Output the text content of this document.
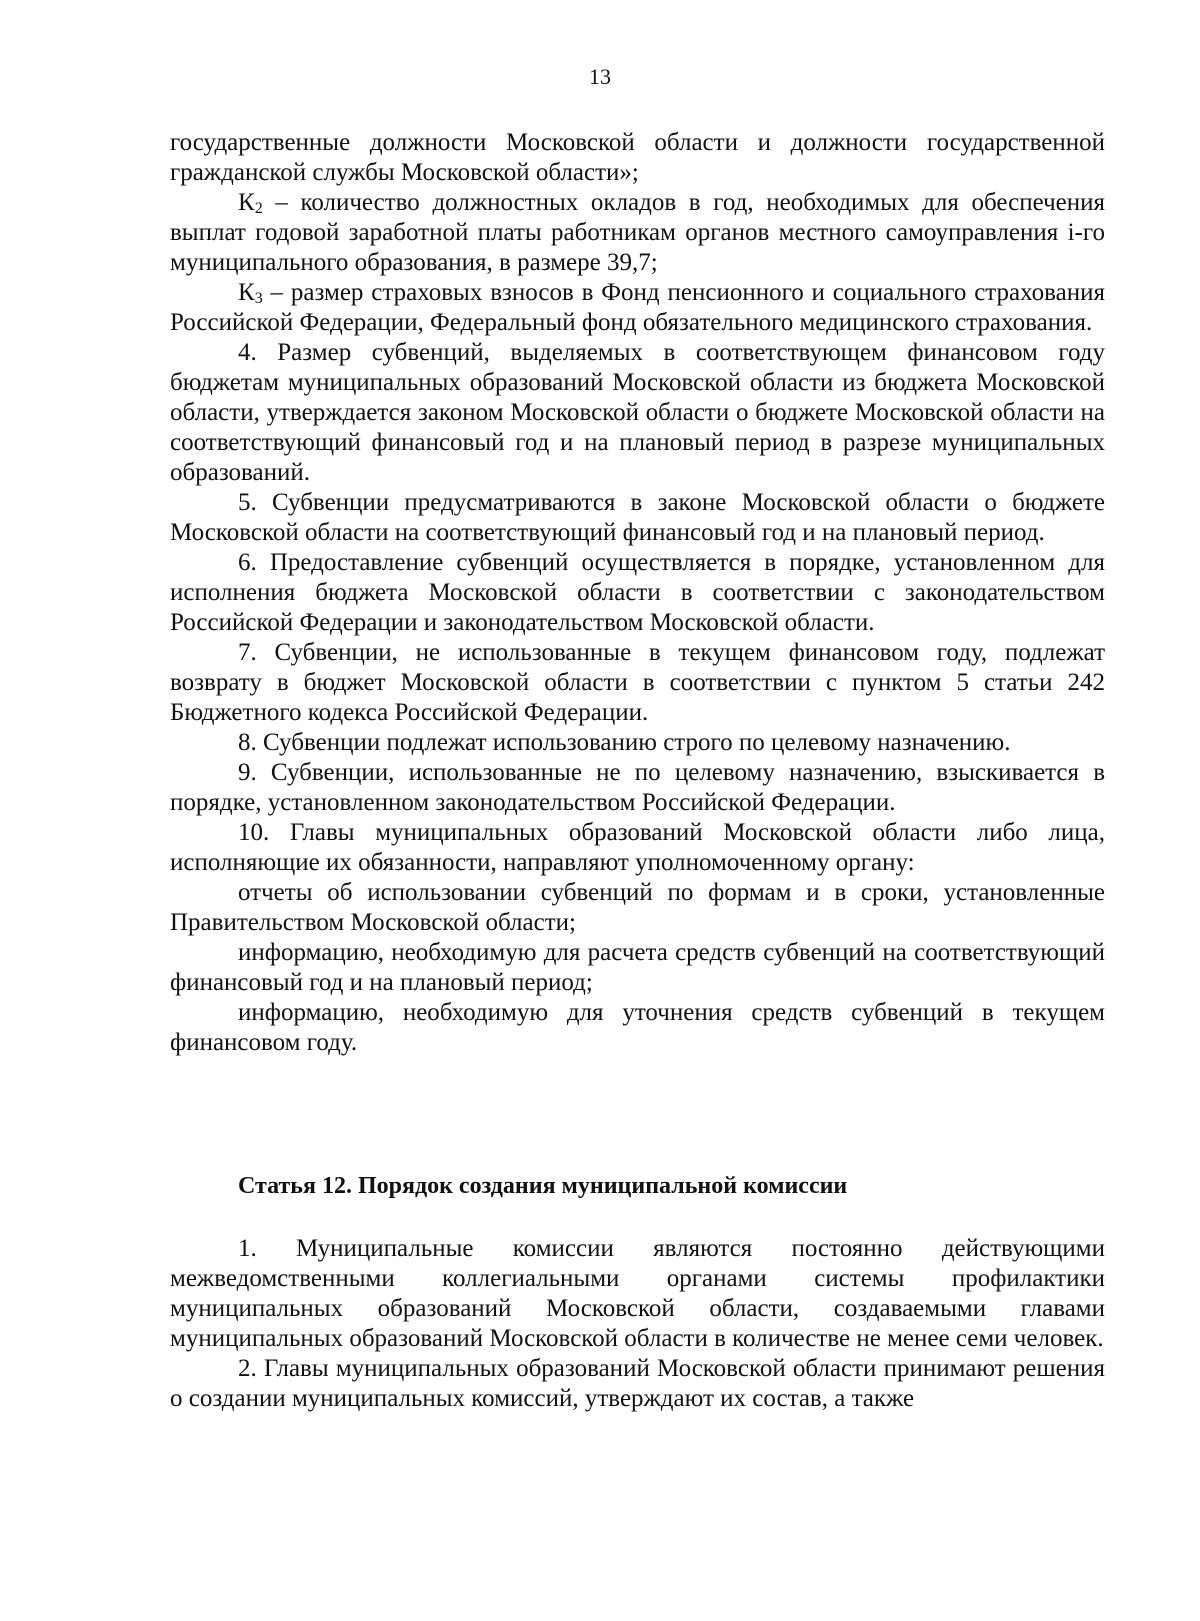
13

государственные должности Московской области и должности государственной гражданской службы Московской области»;

$К_2$ – количество должностных окладов в год, необходимых для обеспечения выплат годовой заработной платы работникам органов местного самоуправления i-го муниципального образования, в размере 39,7;

$К_3$ – размер страховых взносов в Фонд пенсионного и социального страхования Российской Федерации, Федеральный фонд обязательного медицинского страхования.

4. Размер субвенций, выделяемых в соответствующем финансовом году бюджетам муниципальных образований Московской области из бюджета Московской области, утверждается законом Московской области о бюджете Московской области на соответствующий финансовый год и на плановый период в разрезе муниципальных образований.

5. Субвенции предусматриваются в законе Московской области о бюджете Московской области на соответствующий финансовый год и на плановый период.

6. Предоставление субвенций осуществляется в порядке, установленном для исполнения бюджета Московской области в соответствии с законодательством Российской Федерации и законодательством Московской области.

7. Субвенции, не использованные в текущем финансовом году, подлежат возврату в бюджет Московской области в соответствии с пунктом 5 статьи 242 Бюджетного кодекса Российской Федерации.

8. Субвенции подлежат использованию строго по целевому назначению.

9. Субвенции, использованные не по целевому назначению, взыскивается в порядке, установленном законодательством Российской Федерации.

10. Главы муниципальных образований Московской области либо лица, исполняющие их обязанности, направляют уполномоченному органу:

отчеты об использовании субвенций по формам и в сроки, установленные Правительством Московской области;

информацию, необходимую для расчета средств субвенций на соответствующий финансовый год и на плановый период;

информацию, необходимую для уточнения средств субвенций в текущем финансовом году.

Статья 12. Порядок создания муниципальной комиссии

1. Муниципальные комиссии являются постоянно действующими межведомственными коллегиальными органами системы профилактики муниципальных образований Московской области, создаваемыми главами муниципальных образований Московской области в количестве не менее семи человек.

2. Главы муниципальных образований Московской области принимают решения о создании муниципальных комиссий, утверждают их состав, а также
